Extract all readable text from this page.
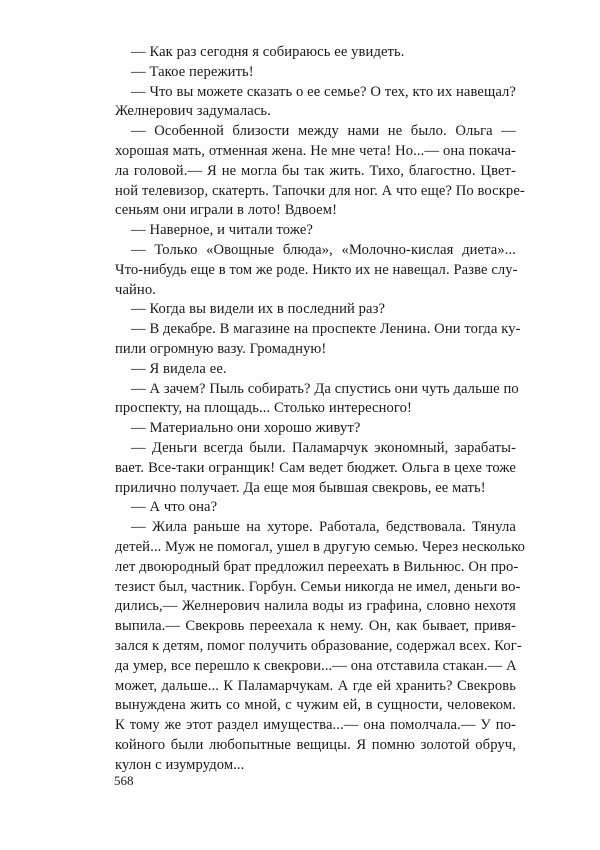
— Как раз сегодня я собираюсь ее увидеть.
— Такое пережить!
— Что вы можете сказать о ее семье? О тех, кто их навещал?
Желнерович задумалась.
— Особенной близости между нами не было. Ольга —
хорошая мать, отменная жена. Не мне чета! Но...— она покача-
ла головой.— Я не могла бы так жить. Тихо, благостно. Цвет-
ной телевизор, скатерть. Тапочки для ног. А что еще? По воскре-
сеньям они играли в лото! Вдвоем!
— Наверное, и читали тоже?
— Только «Овощные блюда», «Молочно-кислая диета»...
Что-нибудь еще в том же роде. Никто их не навещал. Разве слу-
чайно.
— Когда вы видели их в последний раз?
— В декабре. В магазине на проспекте Ленина. Они тогда ку-
пили огромную вазу. Громадную!
— Я видела ее.
— А зачем? Пыль собирать? Да спустись они чуть дальше по
проспекту, на площадь... Столько интересного!
— Материально они хорошо живут?
— Деньги всегда были. Паламарчук экономный, зарабаты-
вает. Все-таки огранщик! Сам ведет бюджет. Ольга в цехе тоже
прилично получает. Да еще моя бывшая свекровь, ее мать!
— А что она?
— Жила раньше на хуторе. Работала, бедствовала. Тянула
детей... Муж не помогал, ушел в другую семью. Через несколько
лет двоюродный брат предложил переехать в Вильнюс. Он про-
тезист был, частник. Горбун. Семьи никогда не имел, деньги во-
дились,— Желнерович налила воды из графина, словно нехотя
выпила.— Свекровь переехала к нему. Он, как бывает, привя-
зался к детям, помог получить образование, содержал всех. Ког-
да умер, все перешло к свекрови...— она отставила стакан.— А
может, дальше... К Паламарчукам. А где ей хранить? Свекровь
вынуждена жить со мной, с чужим ей, в сущности, человеком.
К тому же этот раздел имущества...— она помолчала.— У по-
койного были любопытные вещицы. Я помню золотой обруч,
кулон с изумрудом...
568
